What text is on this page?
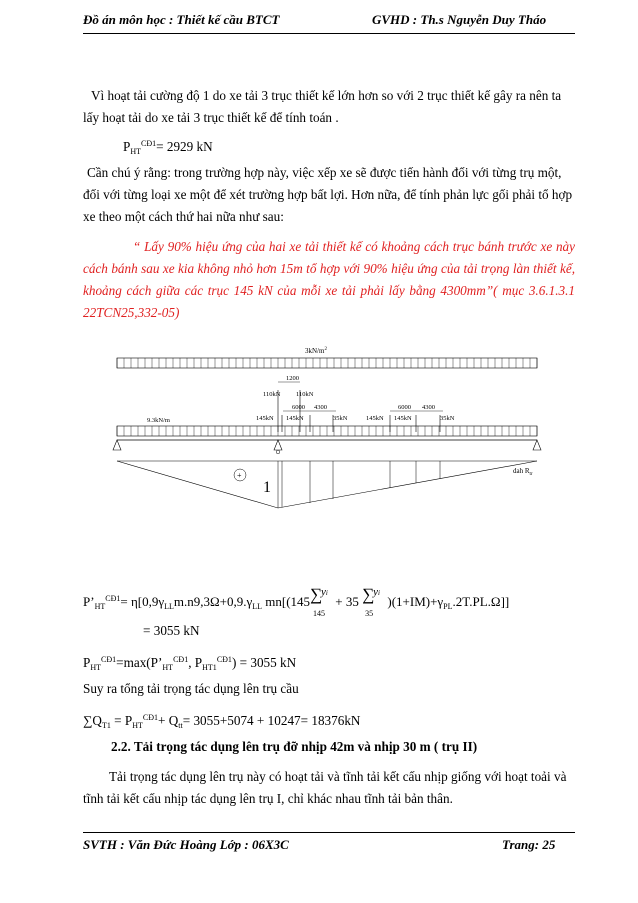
Đồ án môn học : Thiết kế cầu BTCT	GVHD : Th.s Nguyễn Duy Tháo
Vì hoạt tải cường độ 1 do xe tải 3 trục thiết kế lớn hơn so với 2 trục thiết kế gây ra nên ta lấy hoạt tải do xe tải 3 trục thiết kế để tính toán .
$P_{HT}^{CĐ1}= 2929$ kN
Cần chú ý rằng: trong trường hợp này, việc xếp xe sẽ được tiến hành đối với từng trụ một, đối với từng loại xe một để xét trường hợp bất lợi. Hơn nữa, để tính phản lực gối phải tổ hợp xe theo một cách thứ hai nữa như sau:
“ Lấy 90% hiệu ứng của hai xe tải thiết kế có khoảng cách trục bánh trước xe này cách bánh sau xe kia không nhỏ hơn 15m tổ hợp với 90% hiệu ứng của tải trọng làn thiết kế, khoảng cách giữa các trục 145 kN của mỗi xe tải phải lấy bằng 4300mm”( mục 3.6.1.3.1 22TCN25,332-05)
$3kN/m^2$
1200
110kN 110kN
6000 4300	6000 4300
9.3kN/m	145kN 145kN	35kN	145kN 145kN	35kN
+
1
dah $R_{tr}$
$P’_{HT}^{CĐ1}= \eta[0,9\gamma_{LL}m.n9,3\Omega+0,9.\gamma_{LL}$ mn[(145 ∑
yi
145
+ 35 ∑
yi
35
)$(1+IM)+\gamma_{PL}.2T.PL.\Omega$]]
= 3055 kN
$P_{HT}^{CĐ1}=\max(P’_{HT}^{CĐ1}$, $P_{HT1}^{CĐ1}) = 3055$ kN
Suy ra tổng tải trọng tác dụng lên trụ cầu
$\sum Q_{T1} = P_{HT}^{CĐ1}+ Q_{tt}= 3055+5074 + 10247= 18376kN$
2.2. Tải trọng tác dụng lên trụ đỡ nhịp 42m và nhịp 30 m ( trụ II)
Tải trọng tác dụng lên trụ này có hoạt tải và tĩnh tải kết cấu nhịp giống với hoạt toải và tĩnh tải kết cấu nhịp tác dụng lên trụ I, chỉ khác nhau tĩnh tải bản thân.
SVTH : Văn Đức Hoàng Lớp : 06X3C	Trang: 25
